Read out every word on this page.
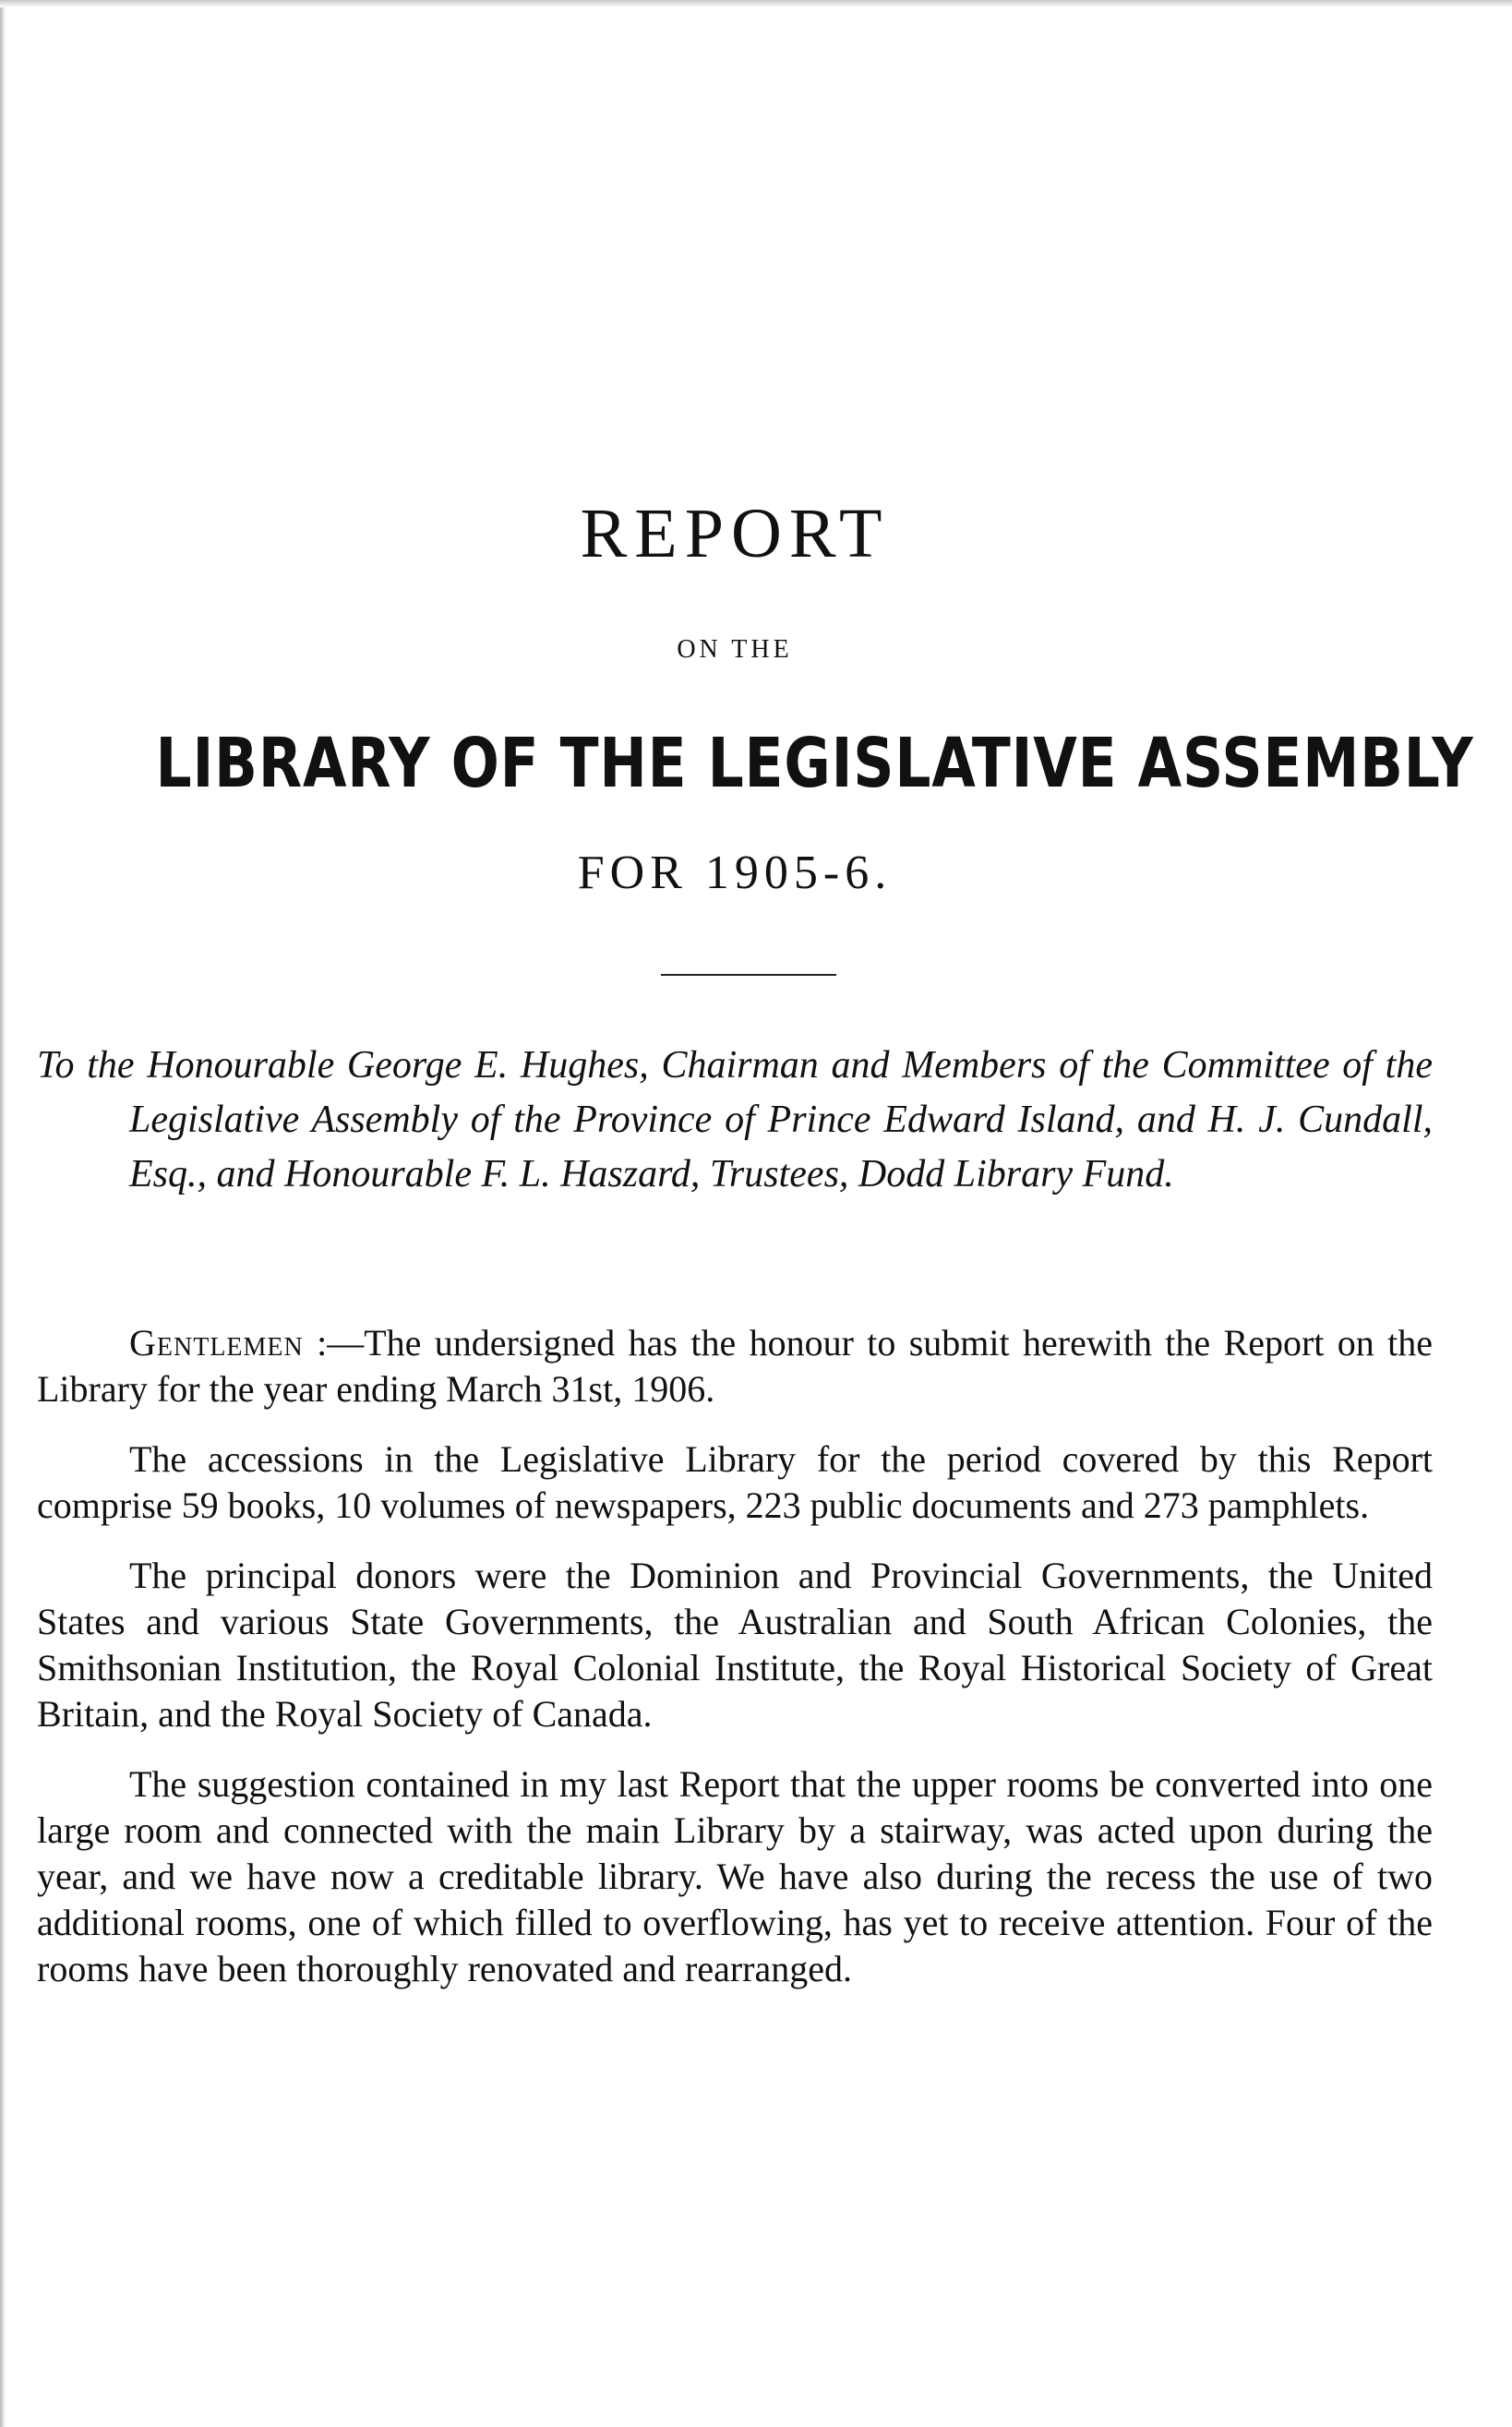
REPORT
ON THE
LIBRARY OF THE LEGISLATIVE ASSEMBLY
FOR 1905-6.
To the Honourable George E. Hughes, Chairman and Members of the Committee of the Legislative Assembly of the Province of Prince Edward Island, and H. J. Cundall, Esq., and Honourable F. L. Haszard, Trustees, Dodd Library Fund.

Gentlemen :—The undersigned has the honour to submit herewith the Report on the Library for the year ending March 31st, 1906.

The accessions in the Legislative Library for the period covered by this Report comprise 59 books, 10 volumes of newspapers, 223 public documents and 273 pamphlets.

The principal donors were the Dominion and Provincial Governments, the United States and various State Governments, the Australian and South African Colonies, the Smithsonian Institution, the Royal Colonial Institute, the Royal Historical Society of Great Britain, and the Royal Society of Canada.

The suggestion contained in my last Report that the upper rooms be converted into one large room and connected with the main Library by a stairway, was acted upon during the year, and we have now a creditable library. We have also during the recess the use of two additional rooms, one of which filled to overflowing, has yet to receive attention. Four of the rooms have been thoroughly renovated and rearranged.
